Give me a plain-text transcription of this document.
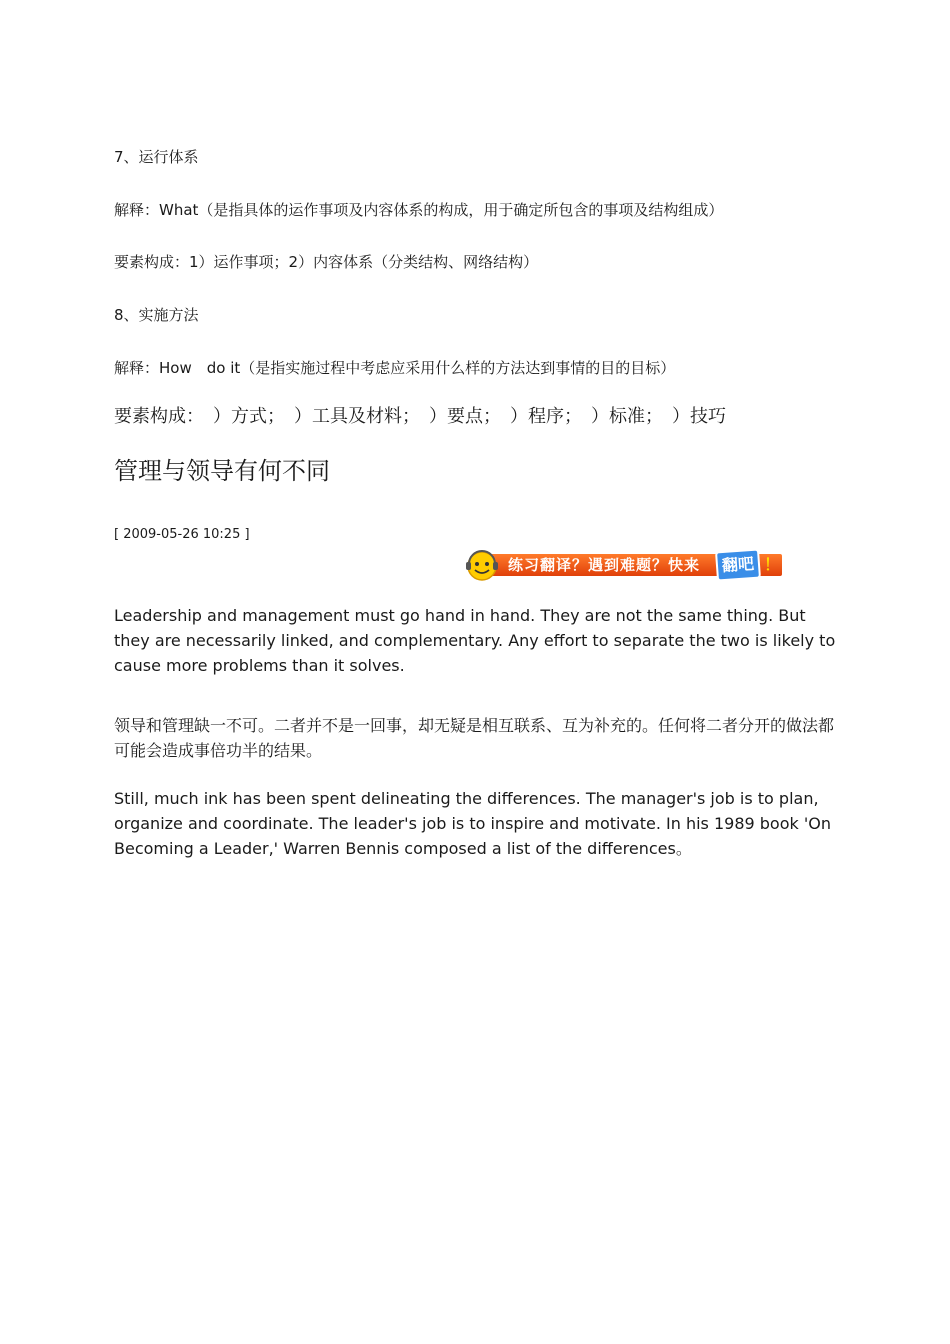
7、运行体系
解释：What（是指具体的运作事项及内容体系的构成，用于确定所包含的事项及结构组成）
要素构成：1）运作事项；2）内容体系（分类结构、网络结构）
8、实施方法
解释：How　do it（是指实施过程中考虑应采用什么样的方法达到事情的目的目标）
要素构成：　）方式；　）工具及材料；　）要点；　）程序；　）标准；　）技巧
管理与领导有何不同
[ 2009-05-26 10:25 ]
练习翻译？遇到难题？快来	翻吧 ！

Leadership and management must go hand in hand. They are not the same thing. But they are necessarily linked, and complementary. Any effort to separate the two is likely to cause more problems than it solves.

领导和管理缺一不可。二者并不是一回事，却无疑是相互联系、互为补充的。任何将二者分开的做法都可能会造成事倍功半的结果。

Still, much ink has been spent delineating the differences. The manager's job is to plan, organize and coordinate. The leader's job is to inspire and motivate. In his 1989 book 'On Becoming a Leader,' Warren Bennis composed a list of the differences。
